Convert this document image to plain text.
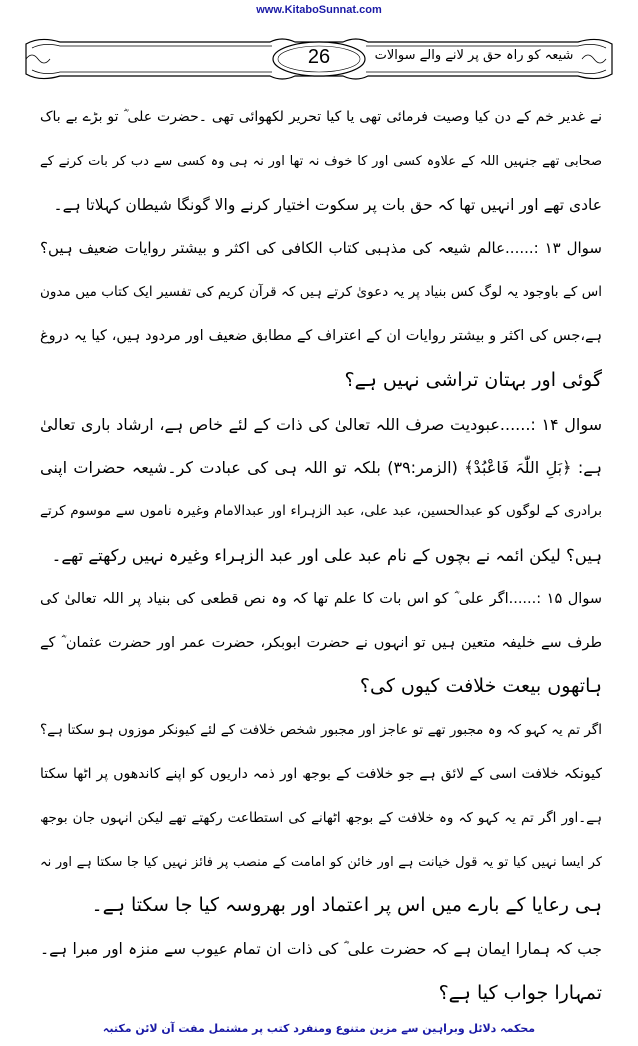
www.KitaboSunnat.com
26	شیعہ کو راہ حق پر لانے والے سوالات
نے غدیر خم کے دن کیا وصیت فرمائی تھی یا کیا تحریر لکھوائی تھی ۔حضرت علی ؓ تو بڑے بے باک
صحابی تھے جنہیں اللہ کے علاوہ کسی اور کا خوف نہ تھا اور نہ ہی وہ کسی سے دب کر بات کرنے کے
عادی تھے اور انہیں تھا کہ حق بات پر سکوت اختیار کرنے والا گونگا شیطان کہلاتا ہے۔
سوال ۱۳ :......عالم شیعہ کی مذہبی کتاب الکافی کی اکثر و بیشتر روایات ضعیف ہیں؟
اس کے باوجود یہ لوگ کس بنیاد پر یہ دعویٰ کرتے ہیں کہ قرآن کریم کی تفسیر ایک کتاب میں مدون
ہے،جس کی اکثر و بیشتر روایات ان کے اعتراف کے مطابق ضعیف اور مردود ہیں، کیا یہ دروغ
گوئی اور بہتان تراشی نہیں ہے؟
سوال ۱۴ :......عبودیت صرف اللہ تعالیٰ کی ذات کے لئے خاص ہے، ارشاد باری تعالیٰ
ہے: ﴿بَلِ اللّٰہَ فَاعْبُدْ﴾ (الزمر:۳۹) بلکہ تو اللہ ہی کی عبادت کر۔شیعہ حضرات اپنی
برادری کے لوگوں کو عبدالحسین، عبد علی، عبد الزہراء اور عبدالامام وغیرہ ناموں سے موسوم کرتے
ہیں؟ لیکن ائمہ نے بچوں کے نام عبد علی اور عبد الزہراء وغیرہ نہیں رکھتے تھے۔
سوال ۱۵ :......اگر علی ؓ کو اس بات کا علم تھا کہ وہ نص قطعی کی بنیاد پر اللہ تعالیٰ کی
طرف سے خلیفہ متعین ہیں تو انہوں نے حضرت ابوبکر، حضرت عمر اور حضرت عثمان ؓ کے
ہاتھوں بیعت خلافت کیوں کی؟
اگر تم یہ کہو کہ وہ مجبور تھے تو عاجز اور مجبور شخص خلافت کے لئے کیونکر موزوں ہو سکتا ہے؟
کیونکہ خلافت اسی کے لائق ہے جو خلافت کے بوجھ اور ذمہ داریوں کو اپنے کاندھوں پر اٹھا سکتا
ہے۔اور اگر تم یہ کہو کہ وہ خلافت کے بوجھ اٹھانے کی استطاعت رکھتے تھے لیکن انہوں جان بوجھ
کر ایسا نہیں کیا تو یہ قول خیانت ہے اور خائن کو امامت کے منصب پر فائز نہیں کیا جا سکتا ہے اور نہ
ہی رعایا کے بارے میں اس پر اعتماد اور بھروسہ کیا جا سکتا ہے۔
جب کہ ہمارا ایمان ہے کہ حضرت علی ؓ کی ذات ان تمام عیوب سے منزہ اور مبرا ہے۔
تمہارا جواب کیا ہے؟
محکمہ دلائل وبراہین سے مزین متنوع ومنفرد کتب پر مشتمل مفت آن لائن مکتبہ
